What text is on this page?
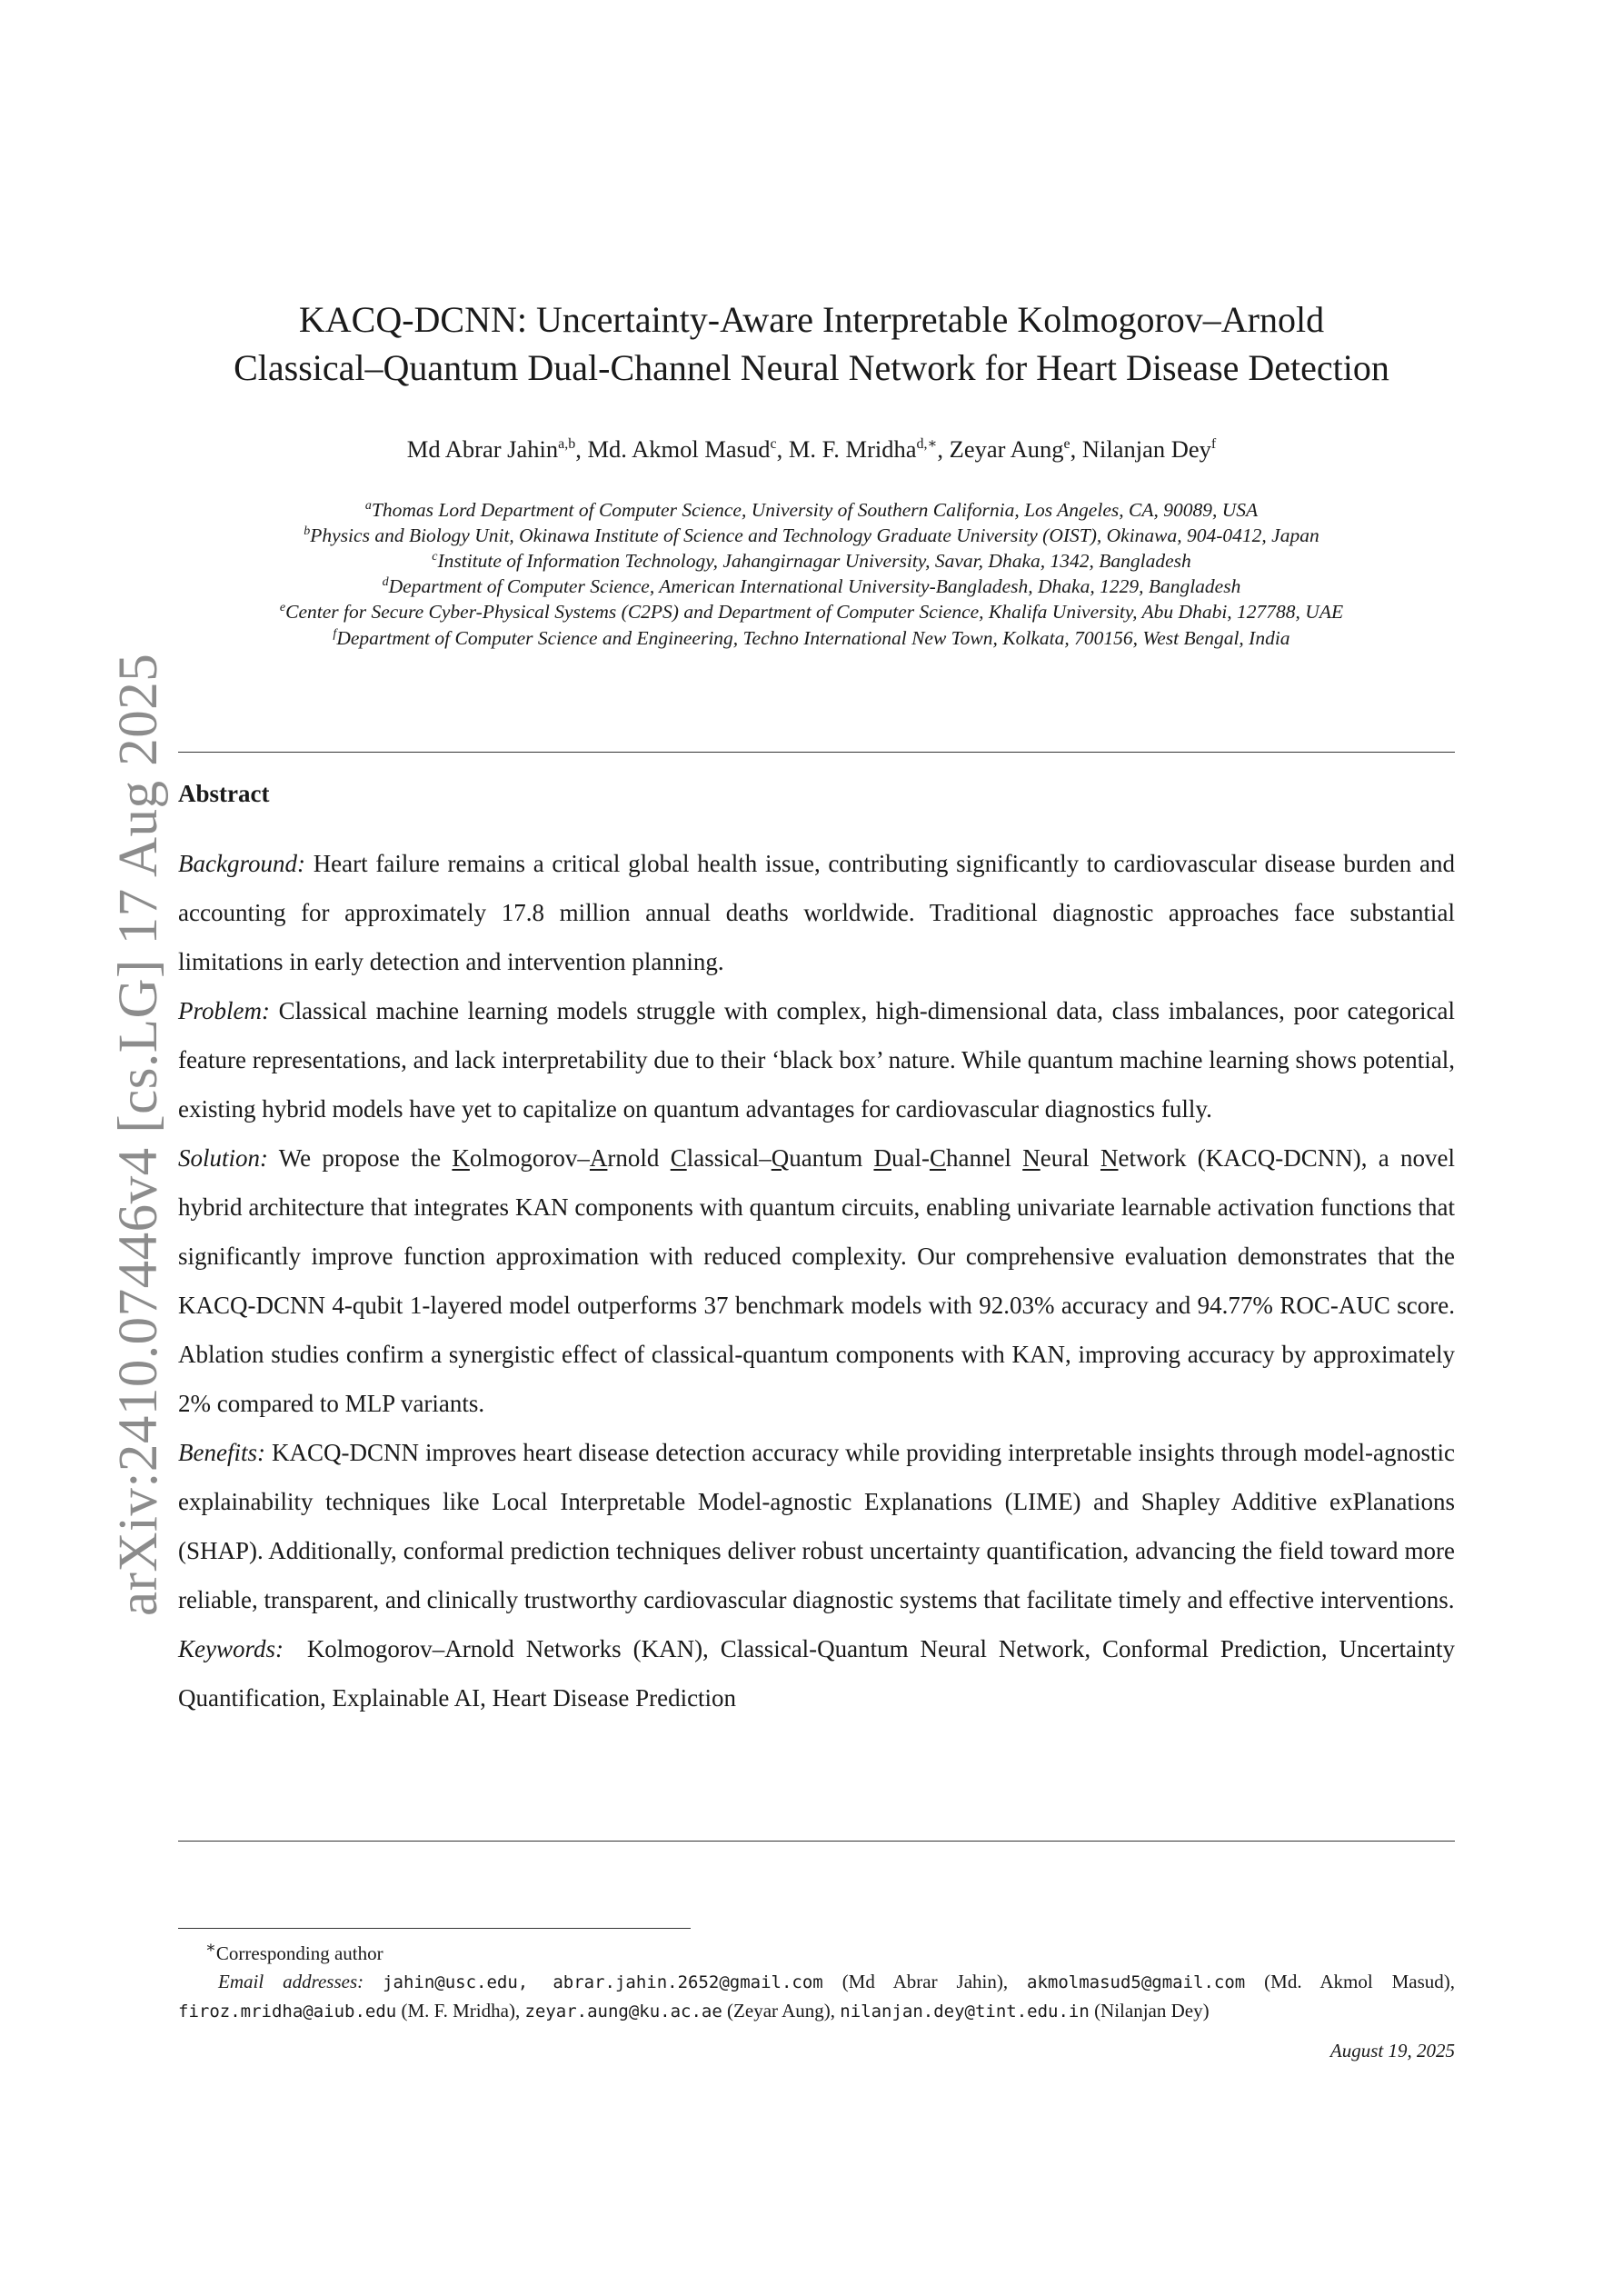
arXiv:2410.07446v4 [cs.LG] 17 Aug 2025
KACQ-DCNN: Uncertainty-Aware Interpretable Kolmogorov–Arnold
Classical–Quantum Dual-Channel Neural Network for Heart Disease Detection
Md Abrar Jahin$^{a,b}$, Md. Akmol Masud$^c$, M. F. Mridha$^{d,∗}$, Zeyar Aung$^e$, Nilanjan Dey$^f$
$^a$Thomas Lord Department of Computer Science, University of Southern California, Los Angeles, CA, 90089, USA
$^b$Physics and Biology Unit, Okinawa Institute of Science and Technology Graduate University (OIST), Okinawa, 904-0412, Japan
$^c$Institute of Information Technology, Jahangirnagar University, Savar, Dhaka, 1342, Bangladesh
$^d$Department of Computer Science, American International University-Bangladesh, Dhaka, 1229, Bangladesh
$^e$Center for Secure Cyber-Physical Systems (C2PS) and Department of Computer Science, Khalifa University, Abu Dhabi, 127788, UAE
$^f$Department of Computer Science and Engineering, Techno International New Town, Kolkata, 700156, West Bengal, India
Abstract

Background: Heart failure remains a critical global health issue, contributing significantly to cardiovascular disease burden and accounting for approximately 17.8 million annual deaths worldwide. Traditional diagnostic approaches face substantial limitations in early detection and intervention planning.

Problem: Classical machine learning models struggle with complex, high-dimensional data, class imbalances, poor categorical feature representations, and lack interpretability due to their ‘black box’ nature. While quantum machine learning shows potential, existing hybrid models have yet to capitalize on quantum advantages for cardiovascular diagnostics fully.

Solution: We propose the Kolmogorov–Arnold Classical–Quantum Dual-Channel Neural Network (KACQ-DCNN), a novel hybrid architecture that integrates KAN components with quantum circuits, enabling univariate learnable activation functions that significantly improve function approximation with reduced complexity. Our comprehensive evaluation demonstrates that the KACQ-DCNN 4-qubit 1-layered model outperforms 37 benchmark models with 92.03% accuracy and 94.77% ROC-AUC score. Ablation studies confirm a synergistic effect of classical-quantum components with KAN, improving accuracy by approximately 2% compared to MLP variants.

Benefits: KACQ-DCNN improves heart disease detection accuracy while providing interpretable insights through model-agnostic explainability techniques like Local Interpretable Model-agnostic Explanations (LIME) and Shapley Additive exPlanations (SHAP). Additionally, conformal prediction techniques deliver robust uncertainty quantification, advancing the field toward more reliable, transparent, and clinically trustworthy cardiovascular diagnostic systems that facilitate timely and effective interventions.

Keywords: Kolmogorov–Arnold Networks (KAN), Classical-Quantum Neural Network, Conformal Prediction, Uncertainty Quantification, Explainable AI, Heart Disease Prediction

∗Corresponding author

Email addresses: jahin@usc.edu, abrar.jahin.2652@gmail.com (Md Abrar Jahin), akmolmasud5@gmail.com (Md. Akmol Masud), firoz.mridha@aiub.edu (M. F. Mridha), zeyar.aung@ku.ac.ae (Zeyar Aung), nilanjan.dey@tint.edu.in (Nilanjan Dey)

August 19, 2025
